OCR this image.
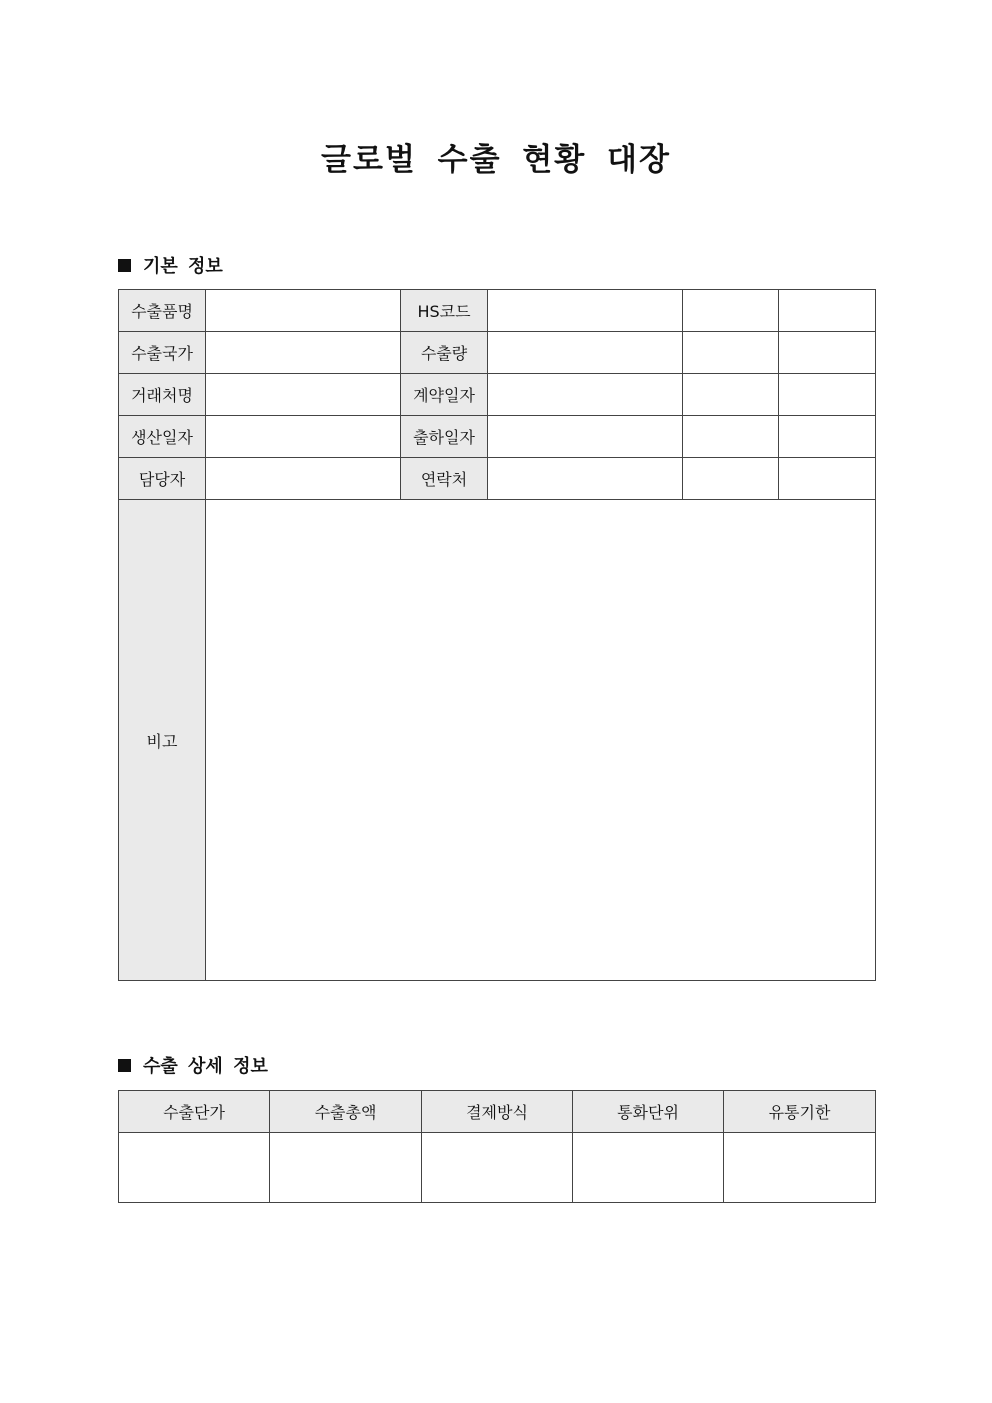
글로벌 수출 현황 대장
기본 정보
수출품명		HS코드			
수출국가		수출량			
거래처명		계약일자			
생산일자		출하일자			
담당자		연락처			
비고					
수출 상세 정보
수출단가	수출총액	결제방식	통화단위	유통기한
